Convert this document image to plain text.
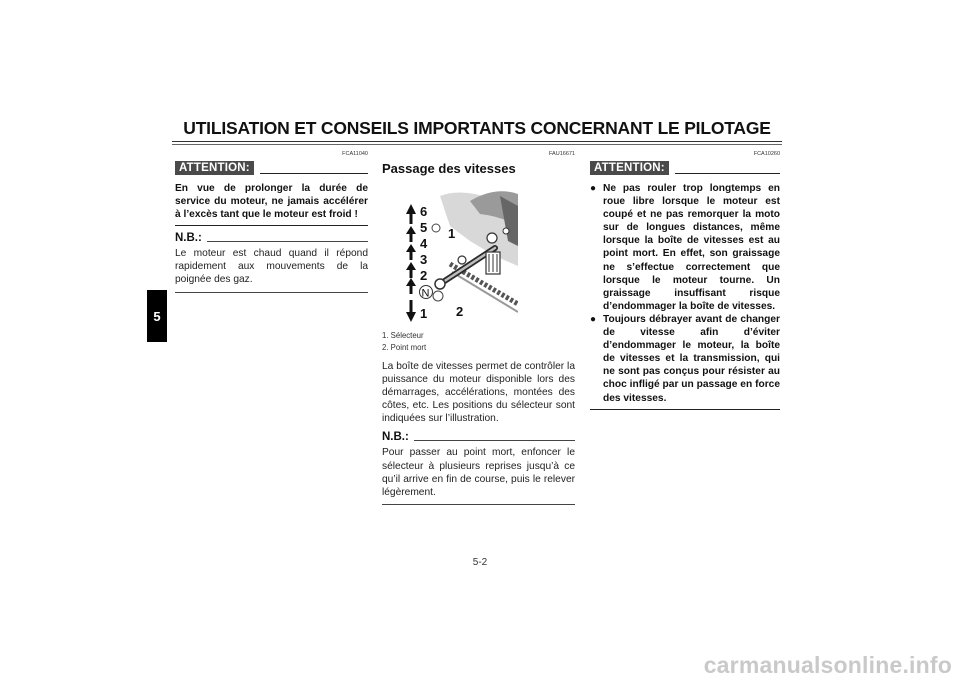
UTILISATION ET CONSEILS IMPORTANTS CONCERNANT LE PILOTAGE
5
FCA11040
ATTENTION:
En vue de prolonger la durée de service du moteur, ne jamais accélérer à l’excès tant que le moteur est froid !
N.B.:
Le moteur est chaud quand il répond rapidement aux mouvements de la poignée des gaz.
FAU16671
Passage des vitesses
6
5
4
3
2
N
1
1
2
1. Sélecteur
2. Point mort
La boîte de vitesses permet de contrôler la puissance du moteur disponible lors des démarrages, accélérations, montées des côtes, etc. Les positions du sélecteur sont indiquées sur l’illustration.
N.B.:
Pour passer au point mort, enfoncer le sélecteur à plusieurs reprises jusqu’à ce qu’il arrive en fin de course, puis le relever légèrement.
FCA10260
ATTENTION:
● Ne pas rouler trop longtemps en roue libre lorsque le moteur est coupé et ne pas remorquer la moto sur de longues distances, même lorsque la boîte de vitesses est au point mort. En effet, son graissage ne s’effectue correctement que lorsque le moteur tourne. Un graissage insuffisant risque d’endommager la boîte de vitesses.
● Toujours débrayer avant de changer de vitesse afin d’éviter d’endommager le moteur, la boîte de vitesses et la transmission, qui ne sont pas conçus pour résister au choc infligé par un passage en force des vitesses.
5-2
carmanualsonline.info
